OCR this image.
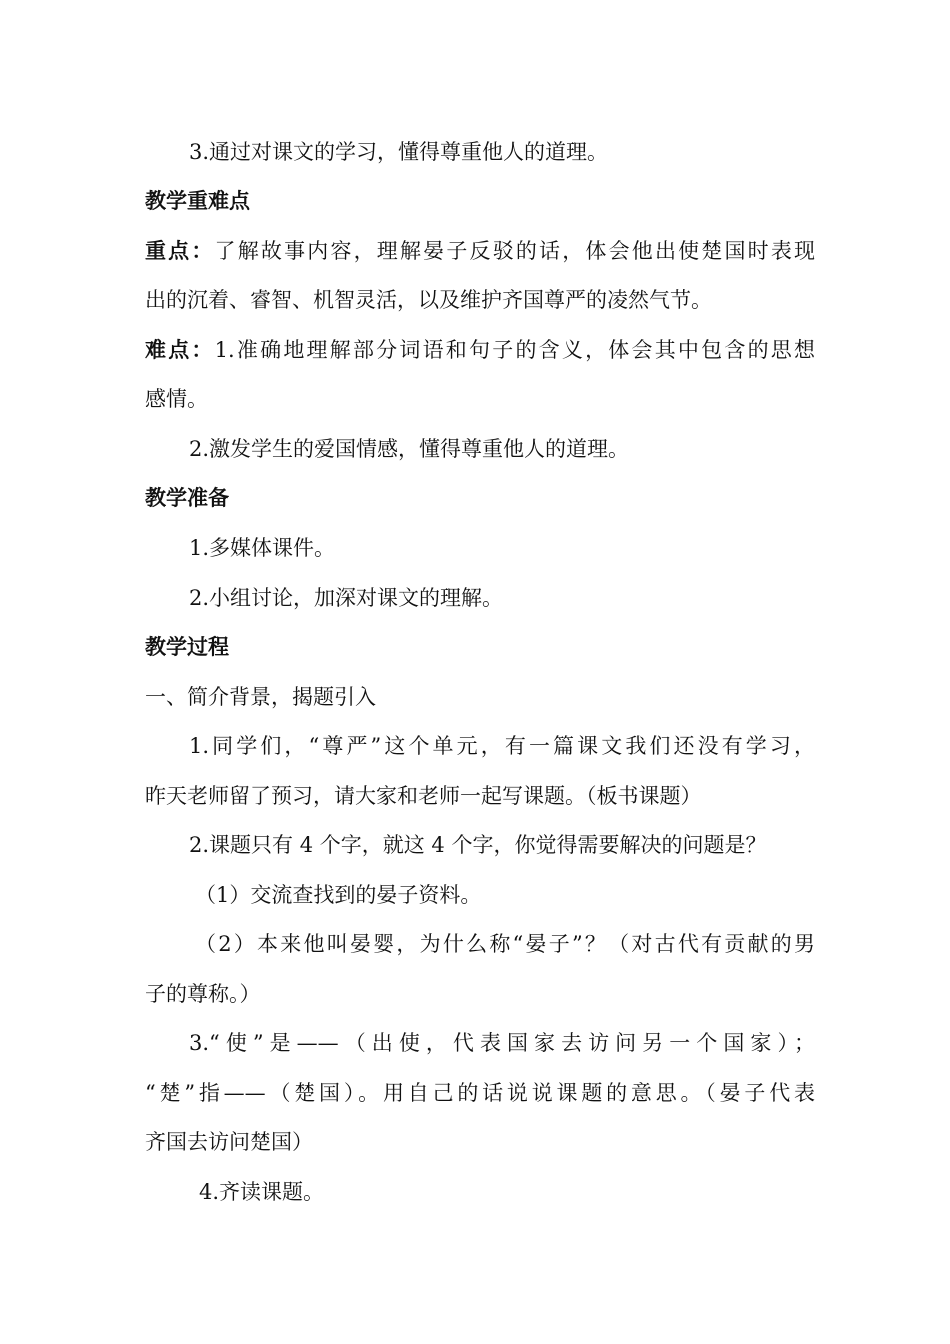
3.通过对课文的学习，懂得尊重他人的道理。
教学重难点
重点：了解故事内容，理解晏子反驳的话，体会他出使楚国时表现
出的沉着、睿智、机智灵活，以及维护齐国尊严的凌然气节。
难点：1.准确地理解部分词语和句子的含义，体会其中包含的思想
感情。
2.激发学生的爱国情感，懂得尊重他人的道理。
教学准备
1.多媒体课件。
2.小组讨论，加深对课文的理解。
教学过程
一、简介背景，揭题引入
1.同学们，“尊严”这个单元，有一篇课文我们还没有学习，
昨天老师留了预习，请大家和老师一起写课题。（板书课题）
2.课题只有 4 个字，就这 4 个字，你觉得需要解决的问题是？
（1）交流查找到的晏子资料。
（2）本来他叫晏婴，为什么称“晏子”？（对古代有贡献的男
子的尊称。）
3.“使”是——（出使，代表国家去访问另一个国家）；
“楚”指——（楚国）。用自己的话说说课题的意思。（晏子代表
齐国去访问楚国）
4.齐读课题。
